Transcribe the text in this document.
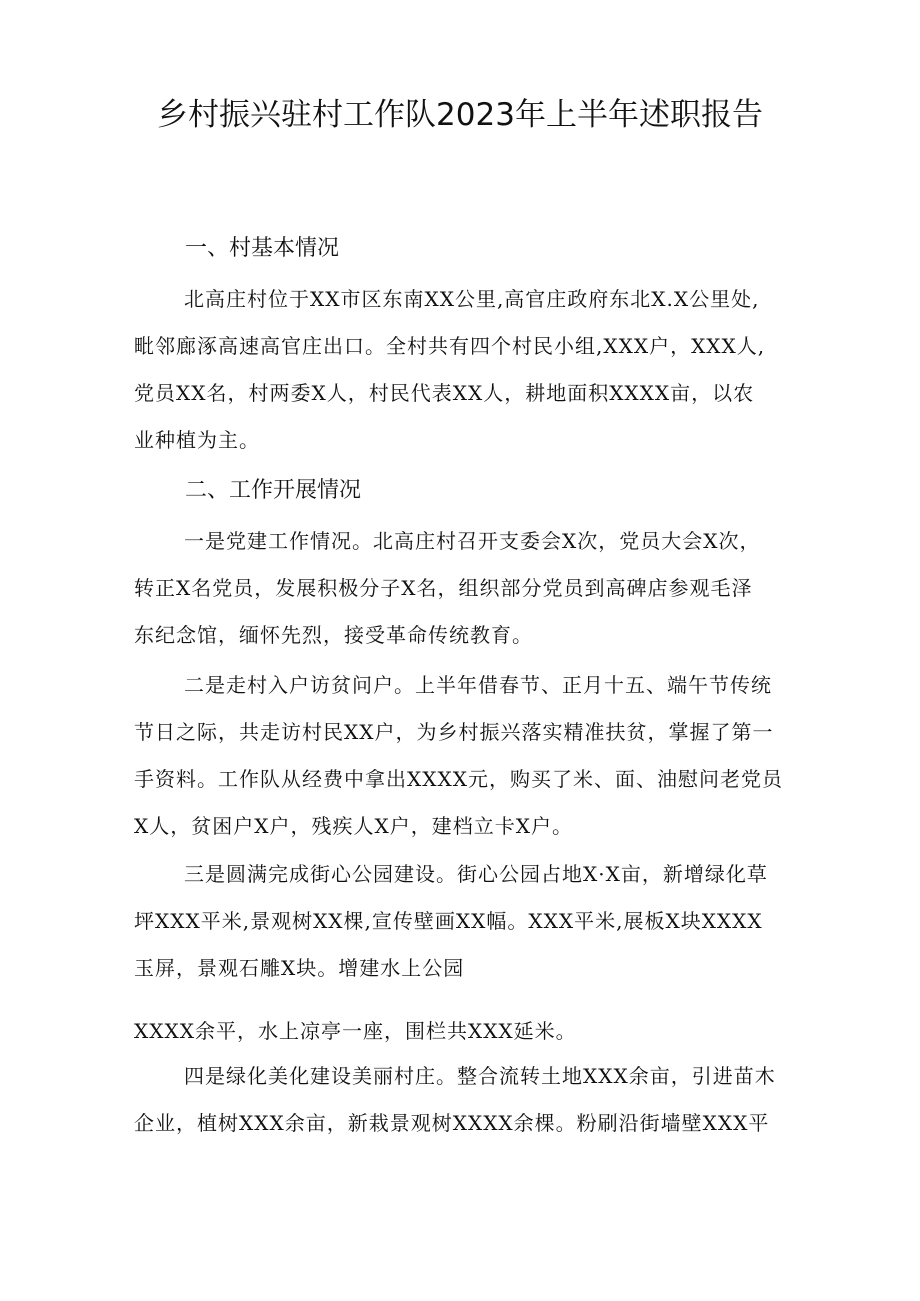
乡村振兴驻村工作队2023年上半年述职报告
一、村基本情况
北高庄村位于XX市区东南XX公里,高官庄政府东北X.X公里处,
毗邻廊涿高速高官庄出口。全村共有四个村民小组,XXX户，XXX人,
党员XX名，村两委X人，村民代表XX人，耕地面积XXXX亩，以农
业种植为主。
二、工作开展情况
一是党建工作情况。北高庄村召开支委会X次，党员大会X次，
转正X名党员，发展积极分子X名，组织部分党员到高碑店参观毛泽
东纪念馆，缅怀先烈，接受革命传统教育。
二是走村入户访贫问户。上半年借春节、正月十五、端午节传统
节日之际，共走访村民XX户，为乡村振兴落实精准扶贫，掌握了第一
手资料。工作队从经费中拿出XXXX元，购买了米、面、油慰问老党员
X人，贫困户X户，残疾人X户，建档立卡X户。
三是圆满完成街心公园建设。街心公园占地X·X亩，新增绿化草
坪XXX平米,景观树XX棵,宣传壁画XX幅。XXX平米,展板X块XXXX
玉屏，景观石雕X块。增建水上公园
XXXX余平，水上凉亭一座，围栏共XXX延米。
四是绿化美化建设美丽村庄。整合流转土地XXX余亩，引进苗木
企业，植树XXX余亩，新栽景观树XXXX余棵。粉刷沿街墙壁XXX平
